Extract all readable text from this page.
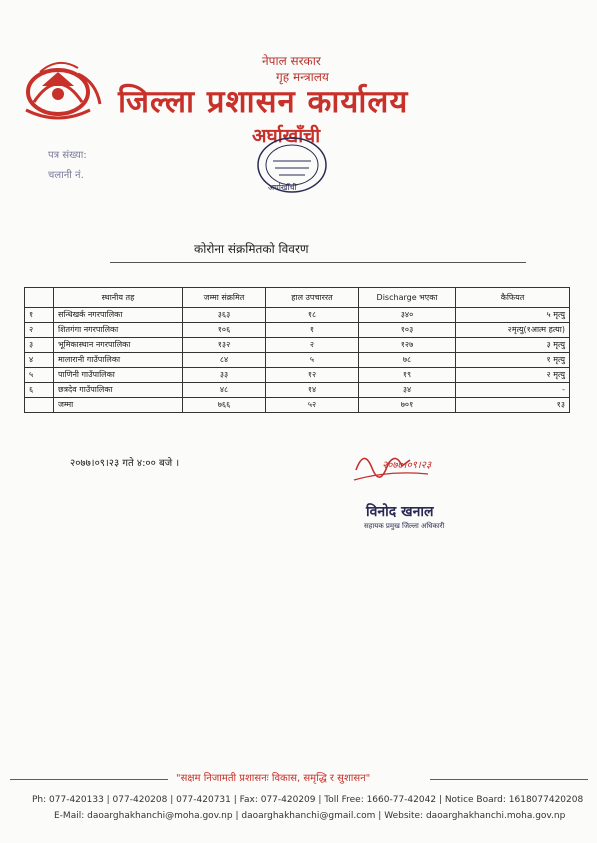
नेपाल सरकार
गृह मन्त्रालय
जिल्ला प्रशासन कार्यालय
अर्घाखाँची
पत्र संख्या:
चलानी नं.
अर्घाखाँची
कोरोना संक्रमितको विवरण
	स्थानीय तह	जम्मा संक्रमित	हाल उपचाररत	Discharge भएका	कैफियत
१	सन्धिखर्क नगरपालिका	३६३	१८	३४०	५ मृत्यु
२	शितगंगा नगरपालिका	१०६	१	१०३	२मृत्यु(१आत्म हत्या)
३	भूमिकास्थान नगरपालिका	१३२	२	१२७	३ मृत्यु
४	मालारानी गाउँपालिका	८४	५	७८	१ मृत्यु
५	पाणिनी गाउँपालिका	३३	१२	१९	२ मृत्यु
६	छत्रदेव गाउँपालिका	४८	१४	३४	-
	जम्मा	७६६	५२	७०१	१३
२०७७।०९।२३ गते ४:०० बजे ।	२०७७।०९।२३
विनोद खनाल
सहायक प्रमुख जिल्ला अधिकारी
"सक्षम निजामती प्रशासनः विकास, समृद्धि र सुशासन"
Ph: 077-420133 | 077-420208 | 077-420731 | Fax: 077-420209 | Toll Free: 1660-77-42042 | Notice Board: 1618077420208
E-Mail: daoarghakhanchi@moha.gov.np | daoarghakhanchi@gmail.com | Website: daoarghakhanchi.moha.gov.np
